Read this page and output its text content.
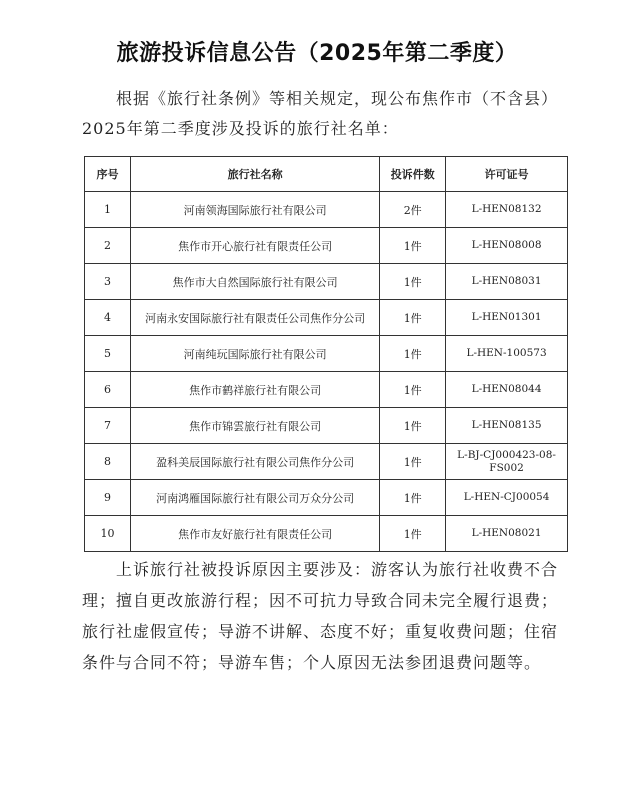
旅游投诉信息公告（2025年第二季度）
根据《旅行社条例》等相关规定，现公布焦作市（不含县）2025年第二季度涉及投诉的旅行社名单：
序号	旅行社名称	投诉件数	许可证号
1	河南领海国际旅行社有限公司	2件	L-HEN08132
2	焦作市开心旅行社有限责任公司	1件	L-HEN08008
3	焦作市大自然国际旅行社有限公司	1件	L-HEN08031
4	河南永安国际旅行社有限责任公司焦作分公司	1件	L-HEN01301
5	河南纯玩国际旅行社有限公司	1件	L-HEN-100573
6	焦作市鹤祥旅行社有限公司	1件	L-HEN08044
7	焦作市锦雲旅行社有限公司	1件	L-HEN08135
8	盈科美辰国际旅行社有限公司焦作分公司	1件	L-BJ-CJ000423-08-FS002
9	河南鸿雁国际旅行社有限公司万众分公司	1件	L-HEN-CJ00054
10	焦作市友好旅行社有限责任公司	1件	L-HEN08021
上诉旅行社被投诉原因主要涉及：游客认为旅行社收费不合理；擅自更改旅游行程；因不可抗力导致合同未完全履行退费；旅行社虚假宣传；导游不讲解、态度不好；重复收费问题；住宿条件与合同不符；导游车售；个人原因无法参团退费问题等。
